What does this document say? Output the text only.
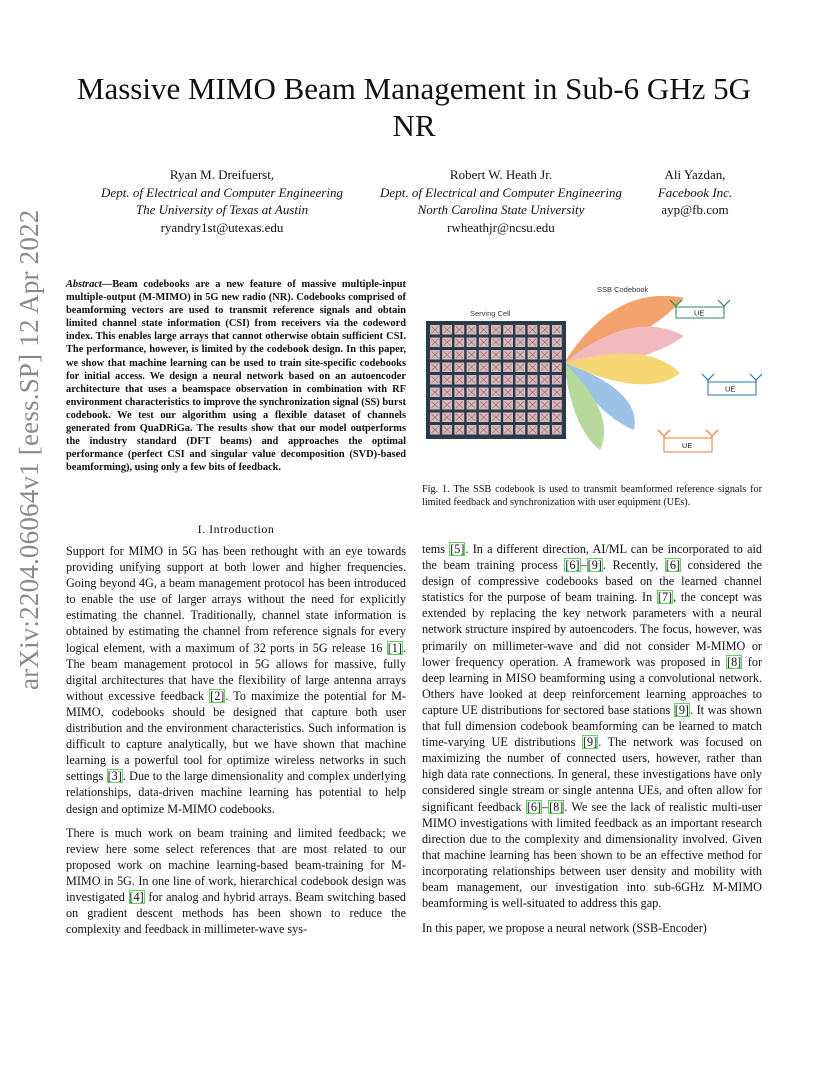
arXiv:2204.06064v1 [eess.SP] 12 Apr 2022
Massive MIMO Beam Management in Sub-6 GHz 5G NR
Ryan M. Dreifuerst,
Dept. of Electrical and Computer Engineering
The University of Texas at Austin
ryandry1st@utexas.edu
Robert W. Heath Jr.
Dept. of Electrical and Computer Engineering
North Carolina State University
rwheathjr@ncsu.edu
Ali Yazdan,
Facebook Inc.
ayp@fb.com
Abstract—Beam codebooks are a new feature of massive multiple-input multiple-output (M-MIMO) in 5G new radio (NR). Codebooks comprised of beamforming vectors are used to transmit reference signals and obtain limited channel state information (CSI) from receivers via the codeword index. This enables large arrays that cannot otherwise obtain sufficient CSI. The performance, however, is limited by the codebook design. In this paper, we show that machine learning can be used to train site-specific codebooks for initial access. We design a neural network based on an autoencoder architecture that uses a beamspace observation in combination with RF environment characteristics to improve the synchronization signal (SS) burst codebook. We test our algorithm using a flexible dataset of channels generated from QuaDRiGa. The results show that our model outperforms the industry standard (DFT beams) and approaches the optimal performance (perfect CSI and singular value decomposition (SVD)-based beamforming), using only a few bits of feedback.
I. Introduction

Support for MIMO in 5G has been rethought with an eye towards providing unifying support at both lower and higher frequencies. Going beyond 4G, a beam management protocol has been introduced to enable the use of larger arrays without the need for explicitly estimating the channel. Traditionally, channel state information is obtained by estimating the channel from reference signals for every logical element, with a maximum of 32 ports in 5G release 16 [1]. The beam management protocol in 5G allows for massive, fully digital architectures that have the flexibility of large antenna arrays without excessive feedback [2]. To maximize the potential for M-MIMO, codebooks should be designed that capture both user distribution and the environment characteristics. Such information is difficult to capture analytically, but we have shown that machine learning is a powerful tool for optimize wireless networks in such settings [3]. Due to the large dimensionality and complex underlying relationships, data-driven machine learning has potential to help design and optimize M-MIMO codebooks.

There is much work on beam training and limited feedback; we review here some select references that are most related to our proposed work on machine learning-based beam-training for M-MIMO in 5G. In one line of work, hierarchical codebook design was investigated [4] for analog and hybrid arrays. Beam switching based on gradient descent methods has been shown to reduce the complexity and feedback in millimeter-wave sys-

Serving Cell
SSB Codebook
UE
UE
UE
Fig. 1. The SSB codebook is used to transmit beamformed reference signals for limited feedback and synchronization with user equipment (UEs).

tems [5]. In a different direction, AI/ML can be incorporated to aid the beam training process [6]–[9]. Recently, [6] considered the design of compressive codebooks based on the learned channel statistics for the purpose of beam training. In [7], the concept was extended by replacing the key network parameters with a neural network structure inspired by autoencoders. The focus, however, was primarily on millimeter-wave and did not consider M-MIMO or lower frequency operation. A framework was proposed in [8] for deep learning in MISO beamforming using a convolutional network. Others have looked at deep reinforcement learning approaches to capture UE distributions for sectored base stations [9]. It was shown that full dimension codebook beamforming can be learned to match time-varying UE distributions [9]. The network was focused on maximizing the number of connected users, however, rather than high data rate connections. In general, these investigations have only considered single stream or single antenna UEs, and often allow for significant feedback [6]–[8]. We see the lack of realistic multi-user MIMO investigations with limited feedback as an important research direction due to the complexity and dimensionality involved. Given that machine learning has been shown to be an effective method for incorporating relationships between user density and mobility with beam management, our investigation into sub-6GHz M-MIMO beamforming is well-situated to address this gap.

In this paper, we propose a neural network (SSB-Encoder)
